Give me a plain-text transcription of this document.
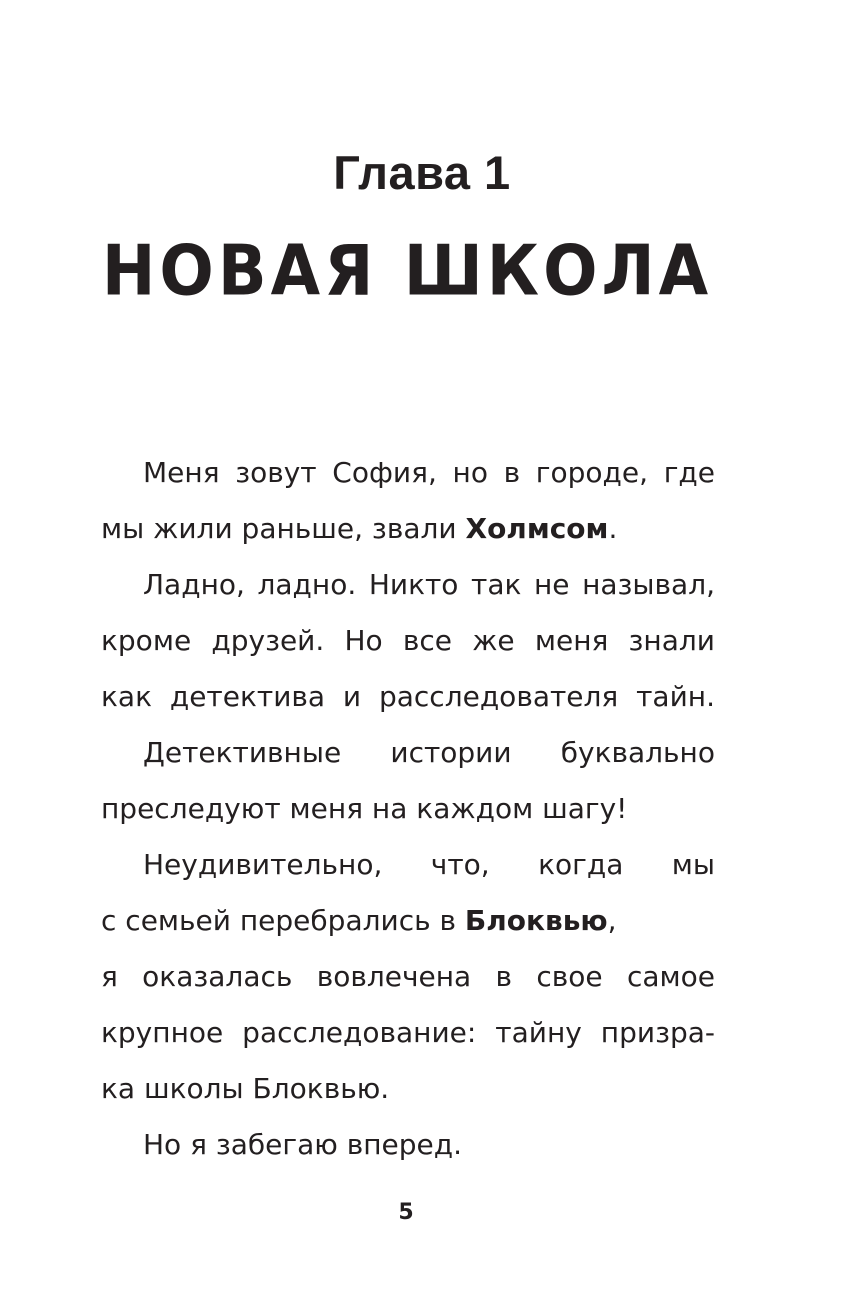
Глава 1
НОВАЯ ШКОЛА
Меня зовут София, но в городе, где
мы жили раньше, звали Холмсом.
Ладно, ладно. Никто так не называл,
кроме друзей. Но все же меня знали
как детектива и расследователя тайн.
Детективные истории буквально
преследуют меня на каждом шагу!
Неудивительно, что, когда мы
с семьей перебрались в Блоквью,
я оказалась вовлечена в свое самое
крупное расследование: тайну призра-
ка школы Блоквью.
Но я забегаю вперед.
5
